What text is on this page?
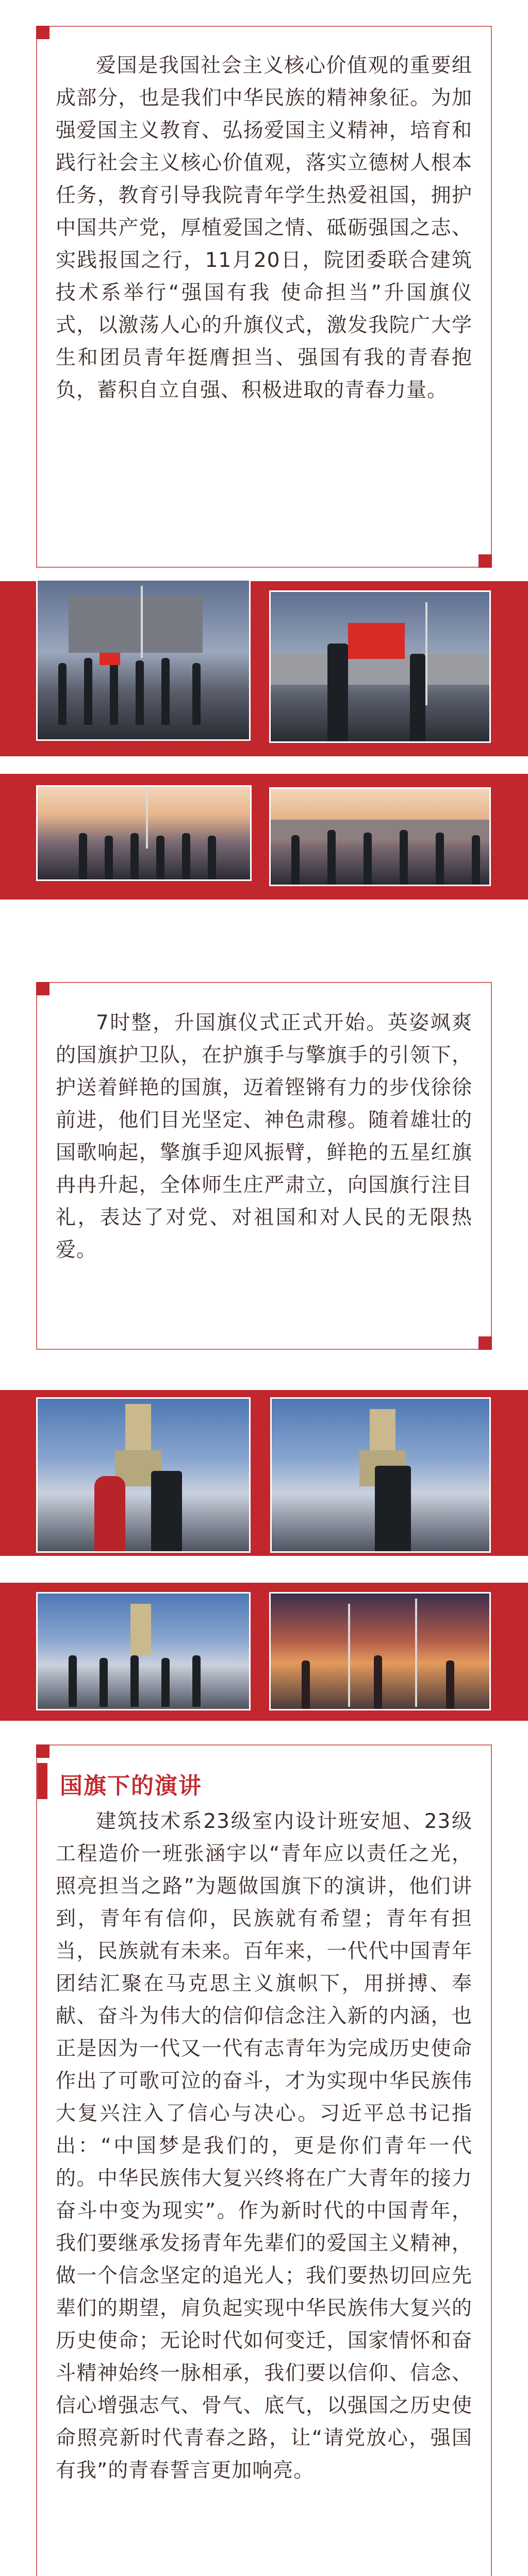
爱国是我国社会主义核心价值观的重要组成部分，也是我们中华民族的精神象征。为加强爱国主义教育、弘扬爱国主义精神，培育和践行社会主义核心价值观，落实立德树人根本任务，教育引导我院青年学生热爱祖国，拥护中国共产党，厚植爱国之情、砥砺强国之志、实践报国之行，11月20日，院团委联合建筑技术系举行“强国有我 使命担当”升国旗仪式，以激荡人心的升旗仪式，激发我院广大学生和团员青年挺膺担当、强国有我的青春抱负，蓄积自立自强、积极进取的青春力量。

7时整，升国旗仪式正式开始。英姿飒爽的国旗护卫队，在护旗手与擎旗手的引领下，护送着鲜艳的国旗，迈着铿锵有力的步伐徐徐前进，他们目光坚定、神色肃穆。随着雄壮的国歌响起，擎旗手迎风振臂，鲜艳的五星红旗冉冉升起，全体师生庄严肃立，向国旗行注目礼，表达了对党、对祖国和对人民的无限热爱。

国旗下的演讲

建筑技术系23级室内设计班安旭、23级工程造价一班张涵宇以“青年应以责任之光，照亮担当之路”为题做国旗下的演讲，他们讲到，青年有信仰，民族就有希望；青年有担当，民族就有未来。百年来，一代代中国青年团结汇聚在马克思主义旗帜下，用拼搏、奉献、奋斗为伟大的信仰信念注入新的内涵，也正是因为一代又一代有志青年为完成历史使命作出了可歌可泣的奋斗，才为实现中华民族伟大复兴注入了信心与决心。习近平总书记指出：“中国梦是我们的，更是你们青年一代的。中华民族伟大复兴终将在广大青年的接力奋斗中变为现实”。作为新时代的中国青年，我们要继承发扬青年先辈们的爱国主义精神，做一个信念坚定的追光人；我们要热切回应先辈们的期望，肩负起实现中华民族伟大复兴的历史使命；无论时代如何变迁，国家情怀和奋斗精神始终一脉相承，我们要以信仰、信念、信心增强志气、骨气、底气，以强国之历史使命照亮新时代青春之路，让“请党放心，强国有我”的青春誓言更加响亮。
